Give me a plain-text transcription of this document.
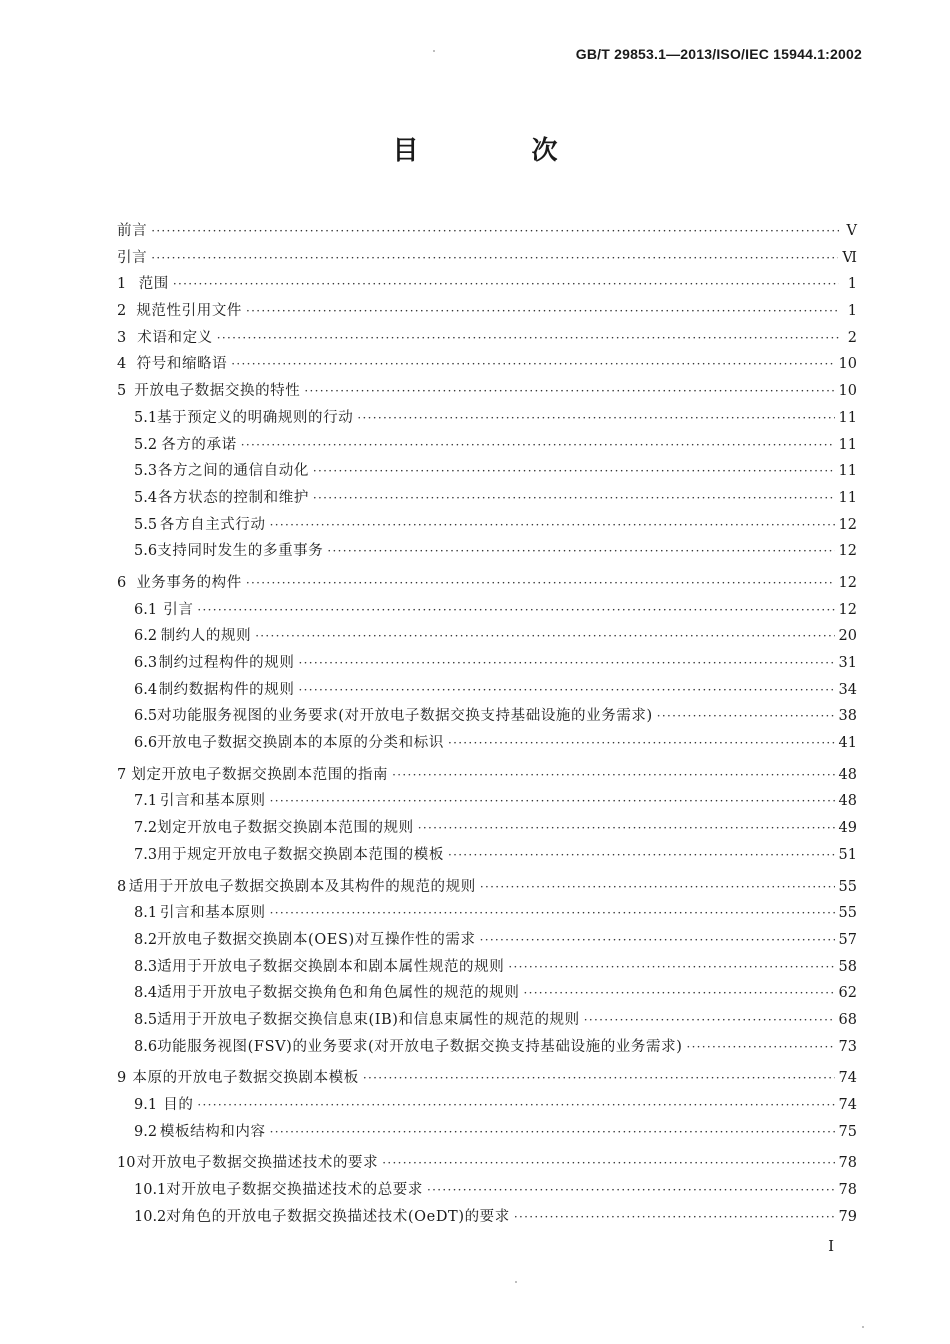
GB/T 29853.1—2013/ISO/IEC 15944.1:2002
目 次
前言 ·····	Ⅴ
引言 ·····	Ⅵ
1 范围 ·····	1
2 规范性引用文件 ·····	1
3 术语和定义 ·····	2
4 符号和缩略语 ·····	10
5 开放电子数据交换的特性 ·····	10
5.1 基于预定义的明确规则的行动 ·····	11
5.2 各方的承诺 ·····	11
5.3 各方之间的通信自动化 ·····	11
5.4 各方状态的控制和维护 ·····	11
5.5 各方自主式行动 ·····	12
5.6 支持同时发生的多重事务 ·····	12
6 业务事务的构件 ·····	12
6.1 引言 ·····	12
6.2 制约人的规则 ·····	20
6.3 制约过程构件的规则 ·····	31
6.4 制约数据构件的规则 ·····	34
6.5 对功能服务视图的业务要求(对开放电子数据交换支持基础设施的业务需求) ·····	38
6.6 开放电子数据交换剧本的本原的分类和标识 ·····	41
7 划定开放电子数据交换剧本范围的指南 ·····	48
7.1 引言和基本原则 ·····	48
7.2 划定开放电子数据交换剧本范围的规则 ·····	49
7.3 用于规定开放电子数据交换剧本范围的模板 ·····	51
8 适用于开放电子数据交换剧本及其构件的规范的规则 ·····	55
8.1 引言和基本原则 ·····	55
8.2 开放电子数据交换剧本(OES)对互操作性的需求 ·····	57
8.3 适用于开放电子数据交换剧本和剧本属性规范的规则 ·····	58
8.4 适用于开放电子数据交换角色和角色属性的规范的规则 ·····	62
8.5 适用于开放电子数据交换信息束(IB)和信息束属性的规范的规则 ·····	68
8.6 功能服务视图(FSV)的业务要求(对开放电子数据交换支持基础设施的业务需求) ·····	73
9 本原的开放电子数据交换剧本模板 ·····	74
9.1 目的 ·····	74
9.2 模板结构和内容 ·····	75
10 对开放电子数据交换描述技术的要求 ·····	78
10.1 对开放电子数据交换描述技术的总要求 ·····	78
10.2 对角色的开放电子数据交换描述技术(OeDT)的要求 ·····	79
I
